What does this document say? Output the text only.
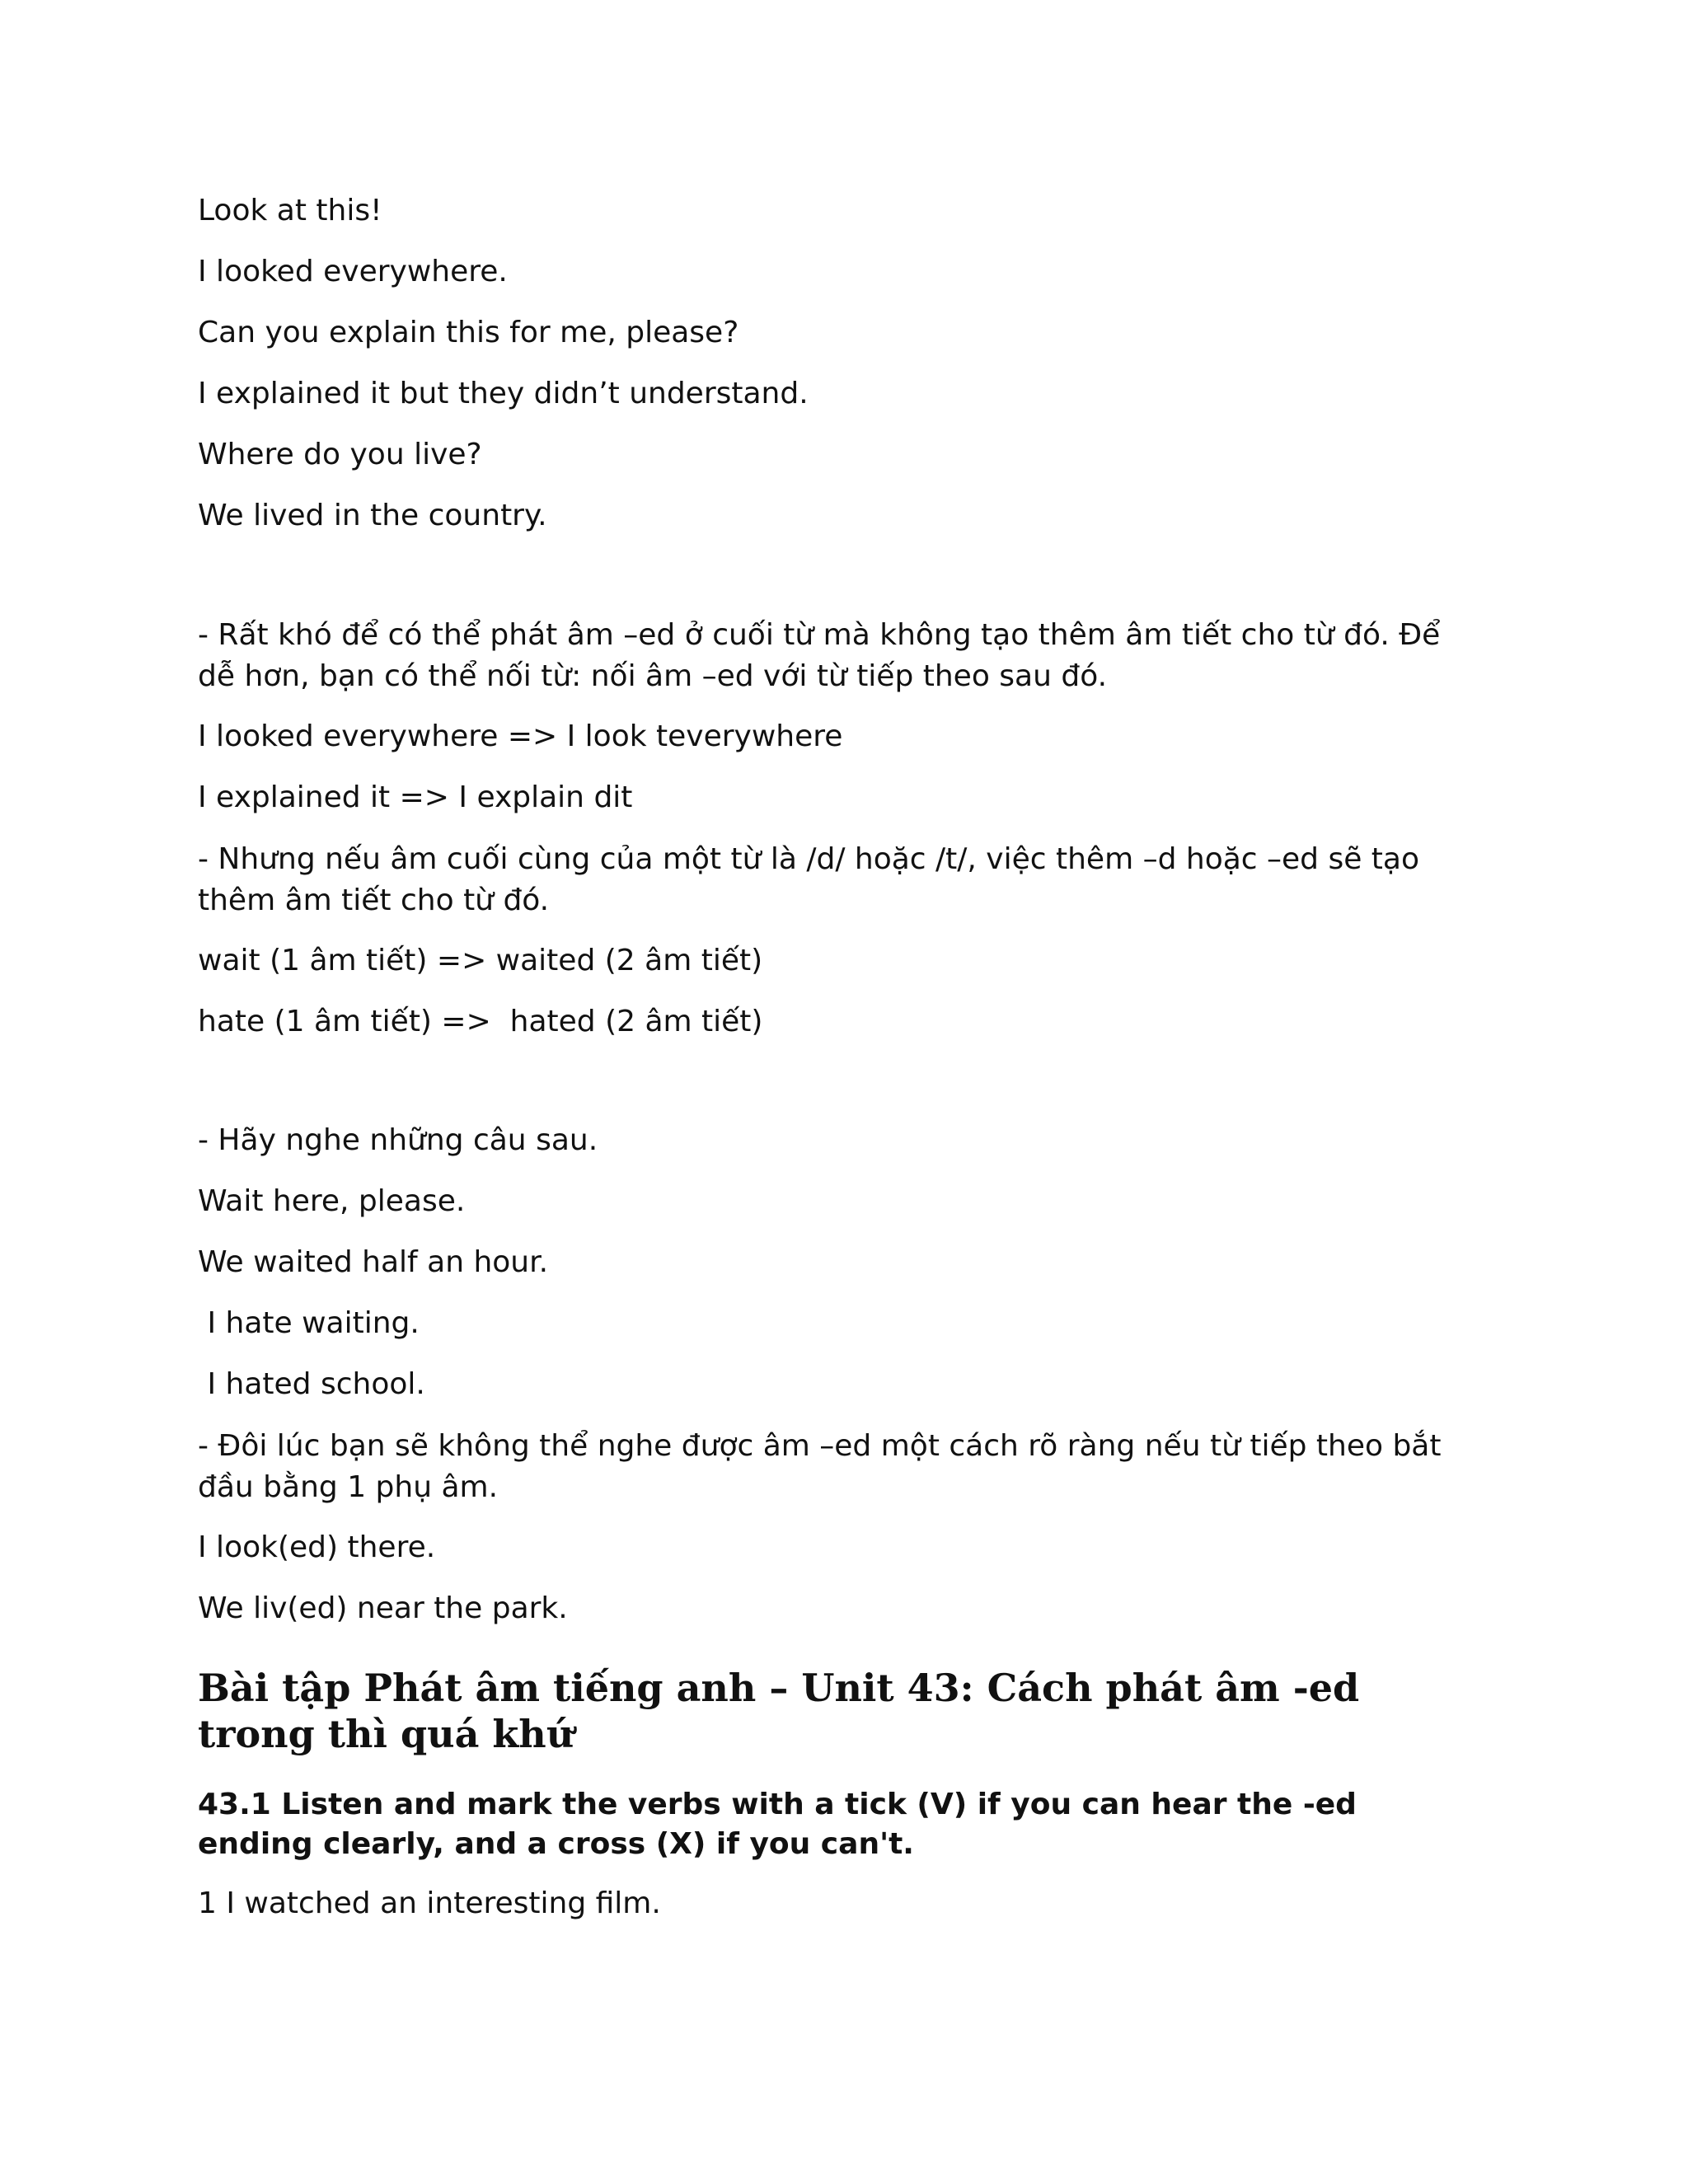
Look at this!

I looked everywhere.

Can you explain this for me, please?

I explained it but they didn’t understand.

Where do you live?

We lived in the country.

- Rất khó để có thể phát âm –ed ở cuối từ mà không tạo thêm âm tiết cho từ đó. Để dễ hơn, bạn có thể nối từ: nối âm –ed với từ tiếp theo sau đó.

I looked everywhere => I look teverywhere

I explained it => I explain dit

- Nhưng nếu âm cuối cùng của một từ là /d/ hoặc /t/, việc thêm –d hoặc –ed sẽ tạo thêm âm tiết cho từ đó.

wait (1 âm tiết) => waited (2 âm tiết)

hate (1 âm tiết) =>  hated (2 âm tiết)

- Hãy nghe những câu sau.

Wait here, please.

We waited half an hour.

I hate waiting.

I hated school.

- Đôi lúc bạn sẽ không thể nghe được âm –ed một cách rõ ràng nếu từ tiếp theo bắt đầu bằng 1 phụ âm.

I look(ed) there.

We liv(ed) near the park.

Bài tập Phát âm tiếng anh – Unit 43: Cách phát âm -ed trong thì quá khứ

43.1 Listen and mark the verbs with a tick (V) if you can hear the -ed ending clearly, and a cross (X) if you can't.

1 I watched an interesting film.
